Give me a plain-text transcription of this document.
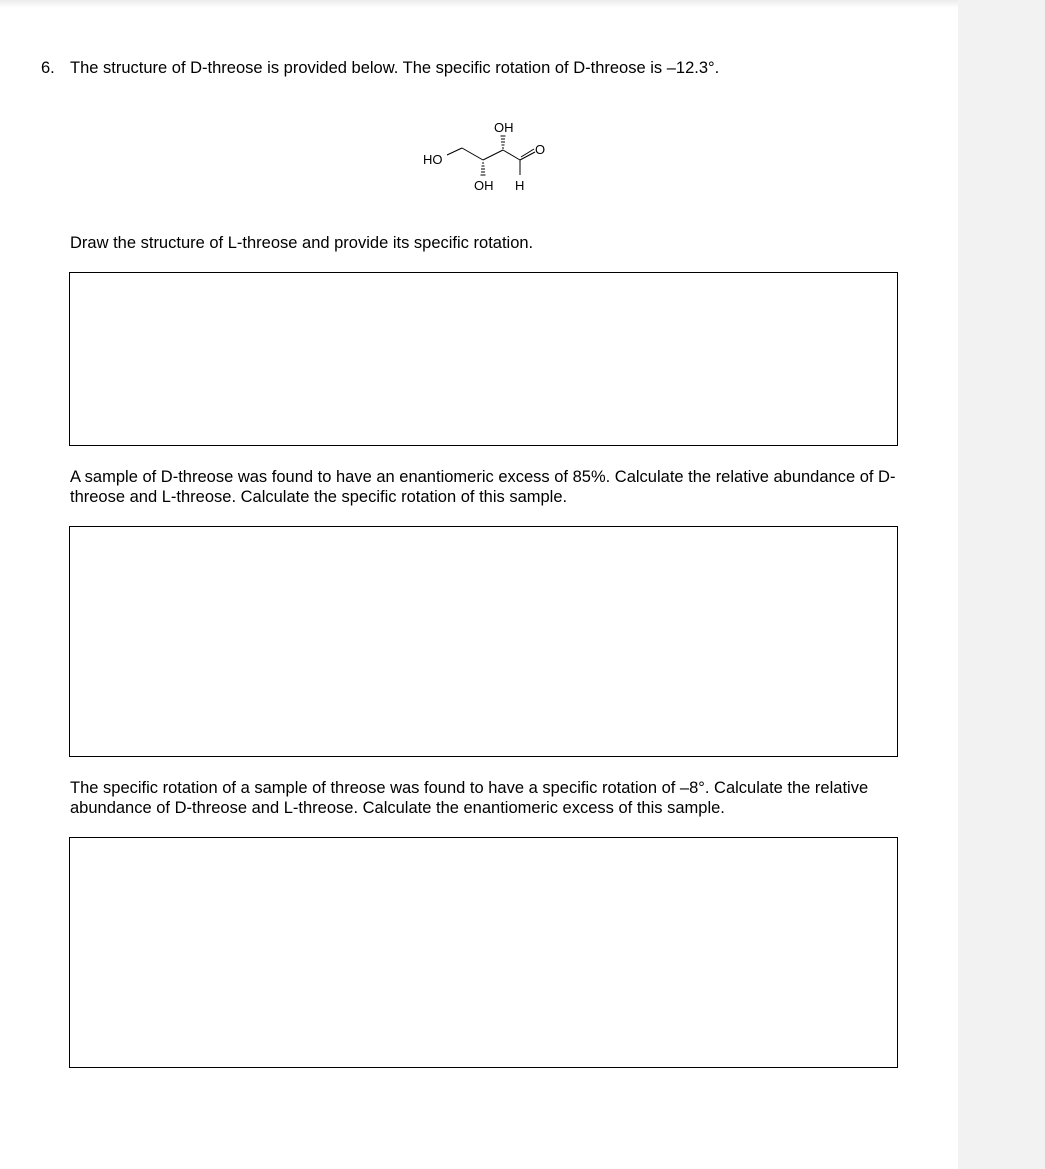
6. The structure of D-threose is provided below. The specific rotation of D-threose is –12.3°.
HO
OH
OH H
O
Draw the structure of L-threose and provide its specific rotation.
A sample of D-threose was found to have an enantiomeric excess of 85%. Calculate the relative abundance of D-threose and L-threose. Calculate the specific rotation of this sample.
The specific rotation of a sample of threose was found to have a specific rotation of –8°. Calculate the relative abundance of D-threose and L-threose. Calculate the enantiomeric excess of this sample.
